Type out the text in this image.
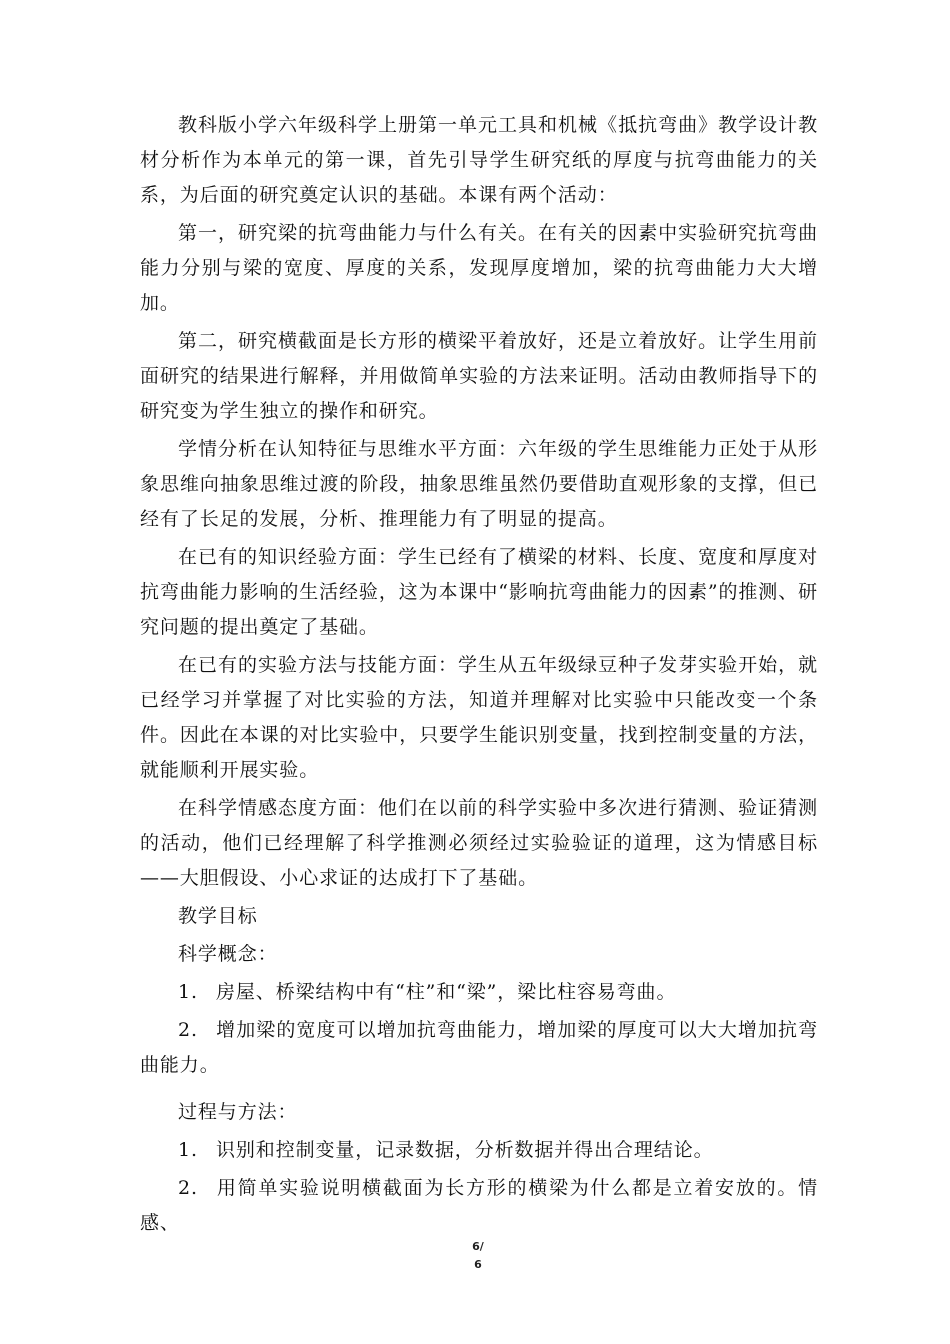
教科版小学六年级科学上册第一单元工具和机械《抵抗弯曲》教学设计教材分析作为本单元的第一课，首先引导学生研究纸的厚度与抗弯曲能力的关系，为后面的研究奠定认识的基础。本课有两个活动：

第一，研究梁的抗弯曲能力与什么有关。在有关的因素中实验研究抗弯曲能力分别与梁的宽度、厚度的关系，发现厚度增加，梁的抗弯曲能力大大增加。

第二，研究横截面是长方形的横梁平着放好，还是立着放好。让学生用前面研究的结果进行解释，并用做简单实验的方法来证明。活动由教师指导下的研究变为学生独立的操作和研究。

学情分析在认知特征与思维水平方面：六年级的学生思维能力正处于从形象思维向抽象思维过渡的阶段，抽象思维虽然仍要借助直观形象的支撑，但已经有了长足的发展，分析、推理能力有了明显的提高。

在已有的知识经验方面：学生已经有了横梁的材料、长度、宽度和厚度对抗弯曲能力影响的生活经验，这为本课中“影响抗弯曲能力的因素”的推测、研究问题的提出奠定了基础。

在已有的实验方法与技能方面：学生从五年级绿豆种子发芽实验开始，就已经学习并掌握了对比实验的方法，知道并理解对比实验中只能改变一个条件。因此在本课的对比实验中，只要学生能识别变量，找到控制变量的方法，就能顺利开展实验。

在科学情感态度方面：他们在以前的科学实验中多次进行猜测、验证猜测的活动，他们已经理解了科学推测必须经过实验验证的道理，这为情感目标——大胆假设、小心求证的达成打下了基础。

教学目标

科学概念：

1. 房屋、桥梁结构中有“柱”和“梁”，梁比柱容易弯曲。

2. 增加梁的宽度可以增加抗弯曲能力，增加梁的厚度可以大大增加抗弯曲能力。

过程与方法：

1. 识别和控制变量，记录数据，分析数据并得出合理结论。

2. 用简单实验说明横截面为长方形的横梁为什么都是立着安放的。情感、

6/
6
